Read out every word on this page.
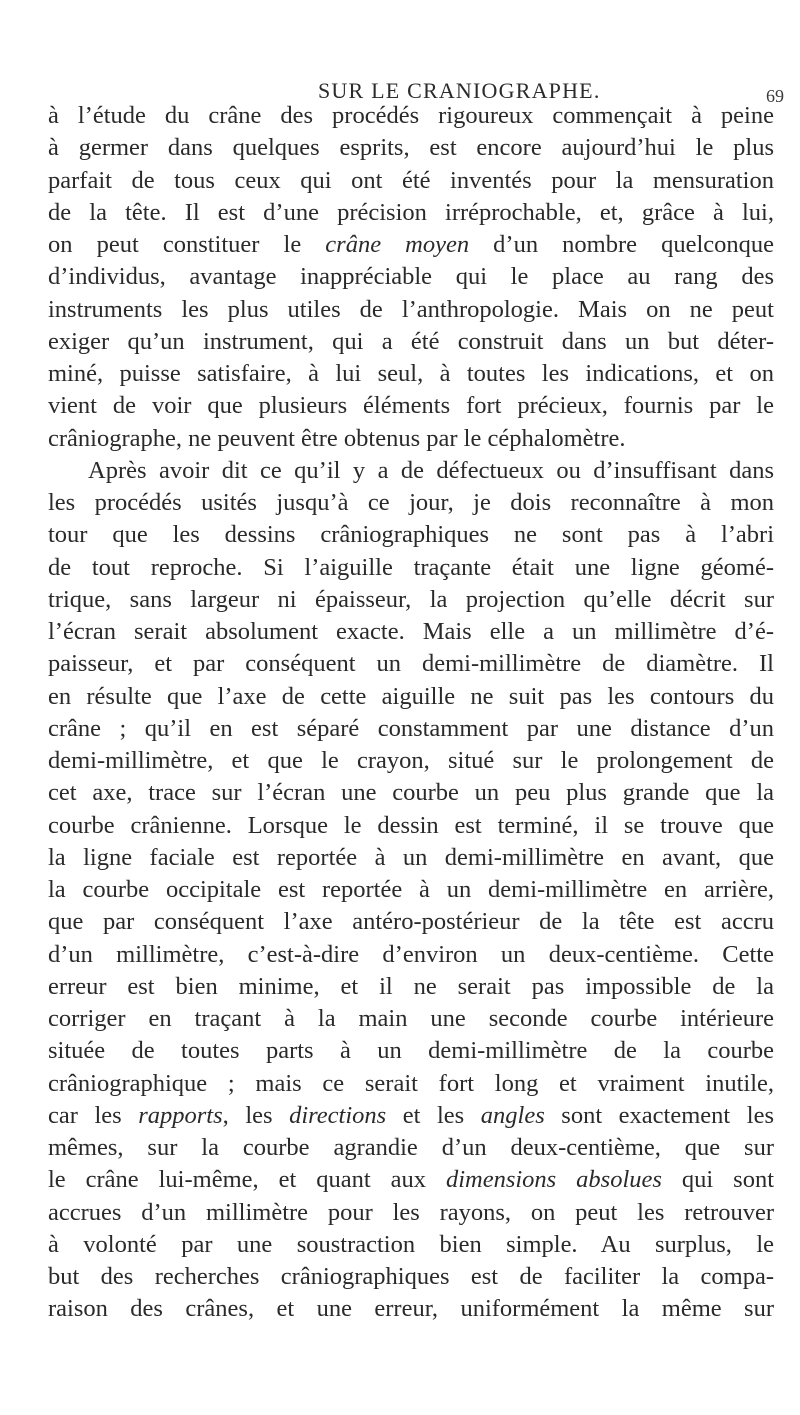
SUR LE CRANIOGRAPHE.	69
à l’étude du crâne des procédés rigoureux commençait à peine
à germer dans quelques esprits, est encore aujourd’hui le plus
parfait de tous ceux qui ont été inventés pour la mensuration
de la tête. Il est d’une précision irréprochable, et, grâce à lui,
on peut constituer le crâne moyen d’un nombre quelconque
d’individus, avantage inappréciable qui le place au rang des
instruments les plus utiles de l’anthropologie. Mais on ne peut
exiger qu’un instrument, qui a été construit dans un but déter-
miné, puisse satisfaire, à lui seul, à toutes les indications, et on
vient de voir que plusieurs éléments fort précieux, fournis par le
crâniographe, ne peuvent être obtenus par le céphalomètre.
Après avoir dit ce qu’il y a de défectueux ou d’insuffisant dans
les procédés usités jusqu’à ce jour, je dois reconnaître à mon
tour que les dessins crâniographiques ne sont pas à l’abri
de tout reproche. Si l’aiguille traçante était une ligne géomé-
trique, sans largeur ni épaisseur, la projection qu’elle décrit sur
l’écran serait absolument exacte. Mais elle a un millimètre d’é-
paisseur, et par conséquent un demi-millimètre de diamètre. Il
en résulte que l’axe de cette aiguille ne suit pas les contours du
crâne ; qu’il en est séparé constamment par une distance d’un
demi-millimètre, et que le crayon, situé sur le prolongement de
cet axe, trace sur l’écran une courbe un peu plus grande que la
courbe crânienne. Lorsque le dessin est terminé, il se trouve que
la ligne faciale est reportée à un demi-millimètre en avant, que
la courbe occipitale est reportée à un demi-millimètre en arrière,
que par conséquent l’axe antéro-postérieur de la tête est accru
d’un millimètre, c’est-à-dire d’environ un deux-centième. Cette
erreur est bien minime, et il ne serait pas impossible de la
corriger en traçant à la main une seconde courbe intérieure
située de toutes parts à un demi-millimètre de la courbe
crâniographique ; mais ce serait fort long et vraiment inutile,
car les rapports, les directions et les angles sont exactement les
mêmes, sur la courbe agrandie d’un deux-centième, que sur
le crâne lui-même, et quant aux dimensions absolues qui sont
accrues d’un millimètre pour les rayons, on peut les retrouver
à volonté par une soustraction bien simple. Au surplus, le
but des recherches crâniographiques est de faciliter la compa-
raison des crânes, et une erreur, uniformément la même sur
